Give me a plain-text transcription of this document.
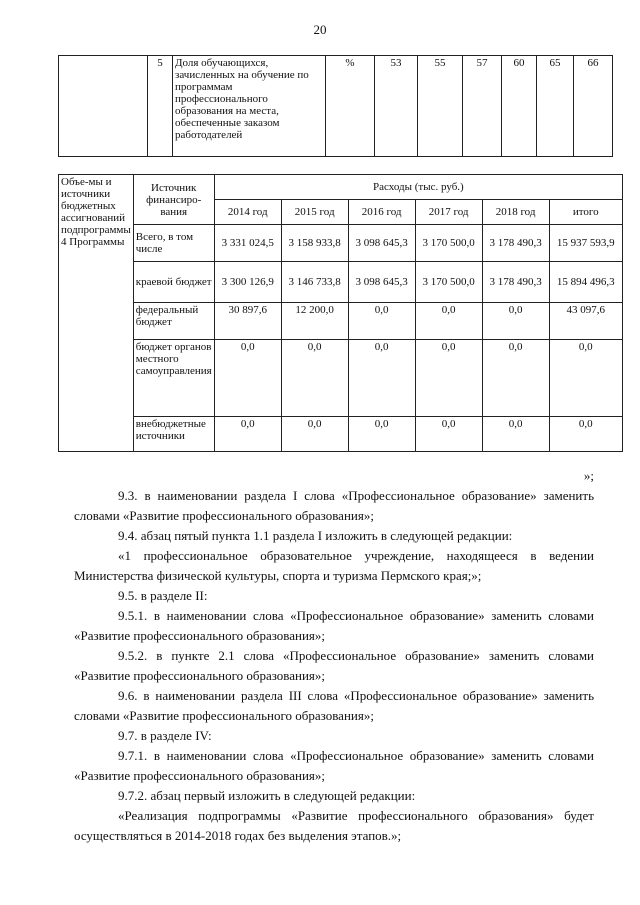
20
	5	Доля обучающихся, зачисленных на обучение по программам профессионального образования на места, обеспеченные заказом работодателей	%	53	55	57	60	65	66
Объе-мы и источники бюджетных ассигнований подпрограммы 4 Программы	Источник финансиро-вания	Расходы (тыс. руб.)					
		2014 год	2015 год	2016 год	2017 год	2018 год	итого
	Всего, в том числе	3 331 024,5	3 158 933,8	3 098 645,3	3 170 500,0	3 178 490,3	15 937 593,9
	краевой бюджет	3 300 126,9	3 146 733,8	3 098 645,3	3 170 500,0	3 178 490,3	15 894 496,3
	федеральный бюджет	30 897,6	12 200,0	0,0	0,0	0,0	43 097,6
	бюджет органов местного самоуправления	0,0	0,0	0,0	0,0	0,0	0,0
	внебюджетные источники	0,0	0,0	0,0	0,0	0,0	0,0

»;

9.3. в наименовании раздела I слова «Профессиональное образование» заменить словами «Развитие профессионального образования»;

9.4. абзац пятый пункта 1.1 раздела I изложить в следующей редакции:

«1 профессиональное образовательное учреждение, находящееся в ведении Министерства физической культуры, спорта и туризма Пермского края;»;

9.5. в разделе II:

9.5.1. в наименовании слова «Профессиональное образование» заменить словами «Развитие профессионального образования»;

9.5.2. в пункте 2.1 слова «Профессиональное образование» заменить словами «Развитие профессионального образования»;

9.6. в наименовании раздела III слова «Профессиональное образование» заменить словами «Развитие профессионального образования»;

9.7. в разделе IV:

9.7.1. в наименовании слова «Профессиональное образование» заменить словами «Развитие профессионального образования»;

9.7.2. абзац первый изложить в следующей редакции:

«Реализация подпрограммы «Развитие профессионального образования» будет осуществляться в 2014-2018 годах без выделения этапов.»;
